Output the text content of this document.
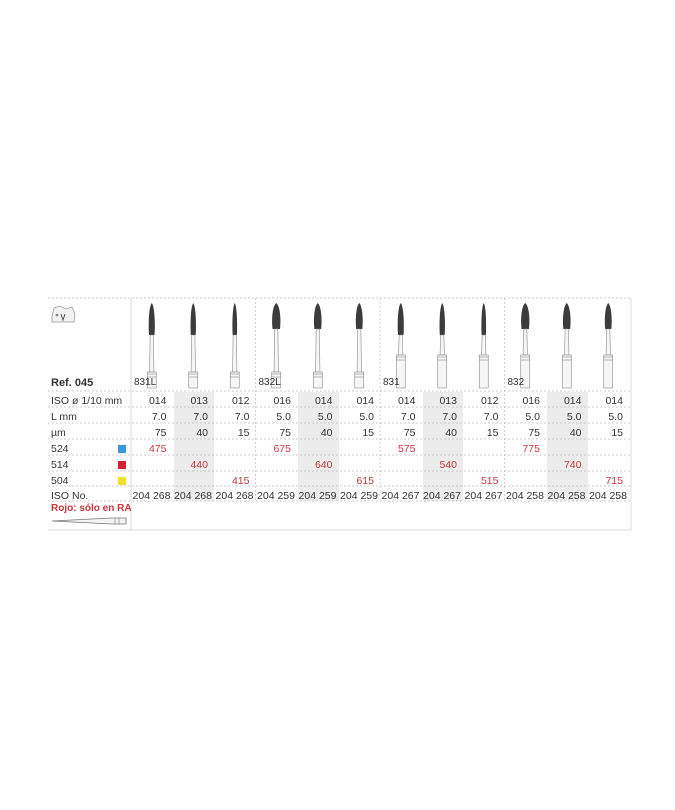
Ref. 045
ISO ø 1/10 mm
L mm
µm
524
514
504
ISO No.
Rojo: sólo en RA
831L
014
7.0
75
475
204 268
013
7.0
40
440
204 268
012
7.0
15
415
204 268
832L
016
5.0
75
675
204 259
014
5.0
40
640
204 259
014
5.0
15
615
204 259
831
014
7.0
75
575
204 267
013
7.0
40
540
204 267
012
7.0
15
515
204 267
832
016
5.0
75
775
204 258
014
5.0
40
740
204 258
014
5.0
15
715
204 258
